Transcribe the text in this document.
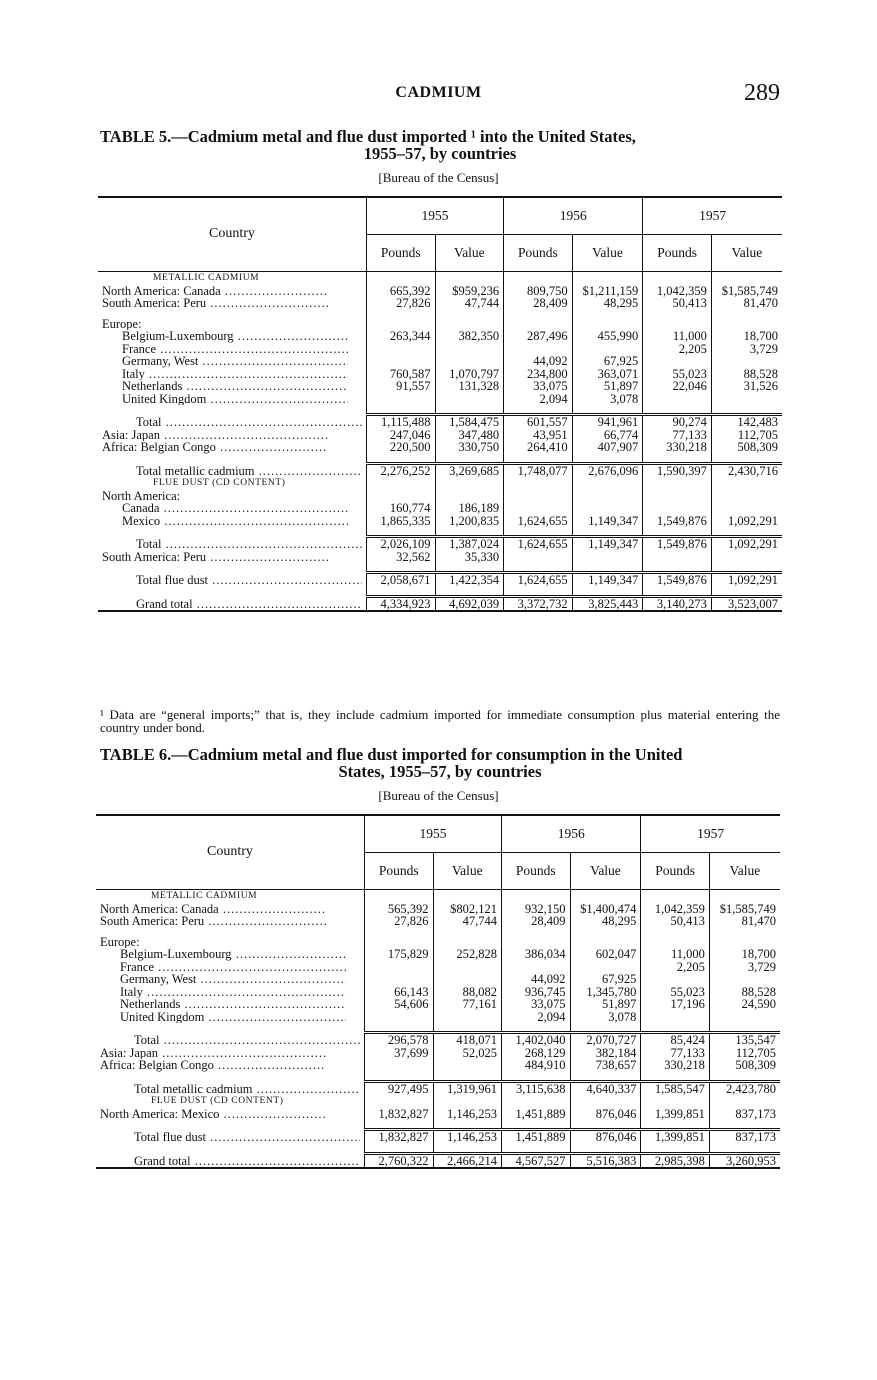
CADMIUM	289
TABLE 5.—Cadmium metal and flue dust imported ¹ into the United States,
1955–57, by countries
[Bureau of the Census]
Country	1955		1956		1957	
	Pounds	Value	Pounds	Value	Pounds	Value
METALLIC CADMIUM						

North America: Canada .....	665,392	$959,236	809,750	$1,211,159	1,042,359	$1,585,749

South America: Peru .....	27,826	47,744	28,409	48,295	50,413	81,470

Europe:						

Belgium-Luxembourg .....	263,344	382,350	287,496	455,990	11,000	18,700

France .....					2,205	3,729

Germany, West .....			44,092	67,925		

Italy .....	760,587	1,070,797	234,800	363,071	55,023	88,528

Netherlands .....	91,557	131,328	33,075	51,897	22,046	31,526

United Kingdom .....			2,094	3,078		

Total .....	1,115,488	1,584,475	601,557	941,961	90,274	142,483

Asia: Japan .....	247,046	347,480	43,951	66,774	77,133	112,705

Africa: Belgian Congo .....	220,500	330,750	264,410	407,907	330,218	508,309

Total metallic cadmium .....	2,276,252	3,269,685	1,748,077	2,676,096	1,590,397	2,430,716
FLUE DUST (CD CONTENT)						

North America:						

Canada .....	160,774	186,189				

Mexico .....	1,865,335	1,200,835	1,624,655	1,149,347	1,549,876	1,092,291

Total .....	2,026,109	1,387,024	1,624,655	1,149,347	1,549,876	1,092,291

South America: Peru .....	32,562	35,330				

Total flue dust .....	2,058,671	1,422,354	1,624,655	1,149,347	1,549,876	1,092,291

Grand total .....	4,334,923	4,692,039	3,372,732	3,825,443	3,140,273	3,523,007

¹ Data are “general imports;” that is, they include cadmium imported for immediate consumption plus material entering the country under bond.
TABLE 6.—Cadmium metal and flue dust imported for consumption in the United
States, 1955–57, by countries
[Bureau of the Census]
Country	1955		1956		1957	
	Pounds	Value	Pounds	Value	Pounds	Value
METALLIC CADMIUM						

North America: Canada .....	565,392	$802,121	932,150	$1,400,474	1,042,359	$1,585,749

South America: Peru .....	27,826	47,744	28,409	48,295	50,413	81,470

Europe:						

Belgium-Luxembourg .....	175,829	252,828	386,034	602,047	11,000	18,700

France .....					2,205	3,729

Germany, West .....			44,092	67,925		

Italy .....	66,143	88,082	936,745	1,345,780	55,023	88,528

Netherlands .....	54,606	77,161	33,075	51,897	17,196	24,590

United Kingdom .....			2,094	3,078		

Total .....	296,578	418,071	1,402,040	2,070,727	85,424	135,547

Asia: Japan .....	37,699	52,025	268,129	382,184	77,133	112,705

Africa: Belgian Congo .....			484,910	738,657	330,218	508,309

Total metallic cadmium .....	927,495	1,319,961	3,115,638	4,640,337	1,585,547	2,423,780
FLUE DUST (CD CONTENT)						

North America: Mexico .....	1,832,827	1,146,253	1,451,889	876,046	1,399,851	837,173

Total flue dust .....	1,832,827	1,146,253	1,451,889	876,046	1,399,851	837,173

Grand total .....	2,760,322	2,466,214	4,567,527	5,516,383	2,985,398	3,260,953
